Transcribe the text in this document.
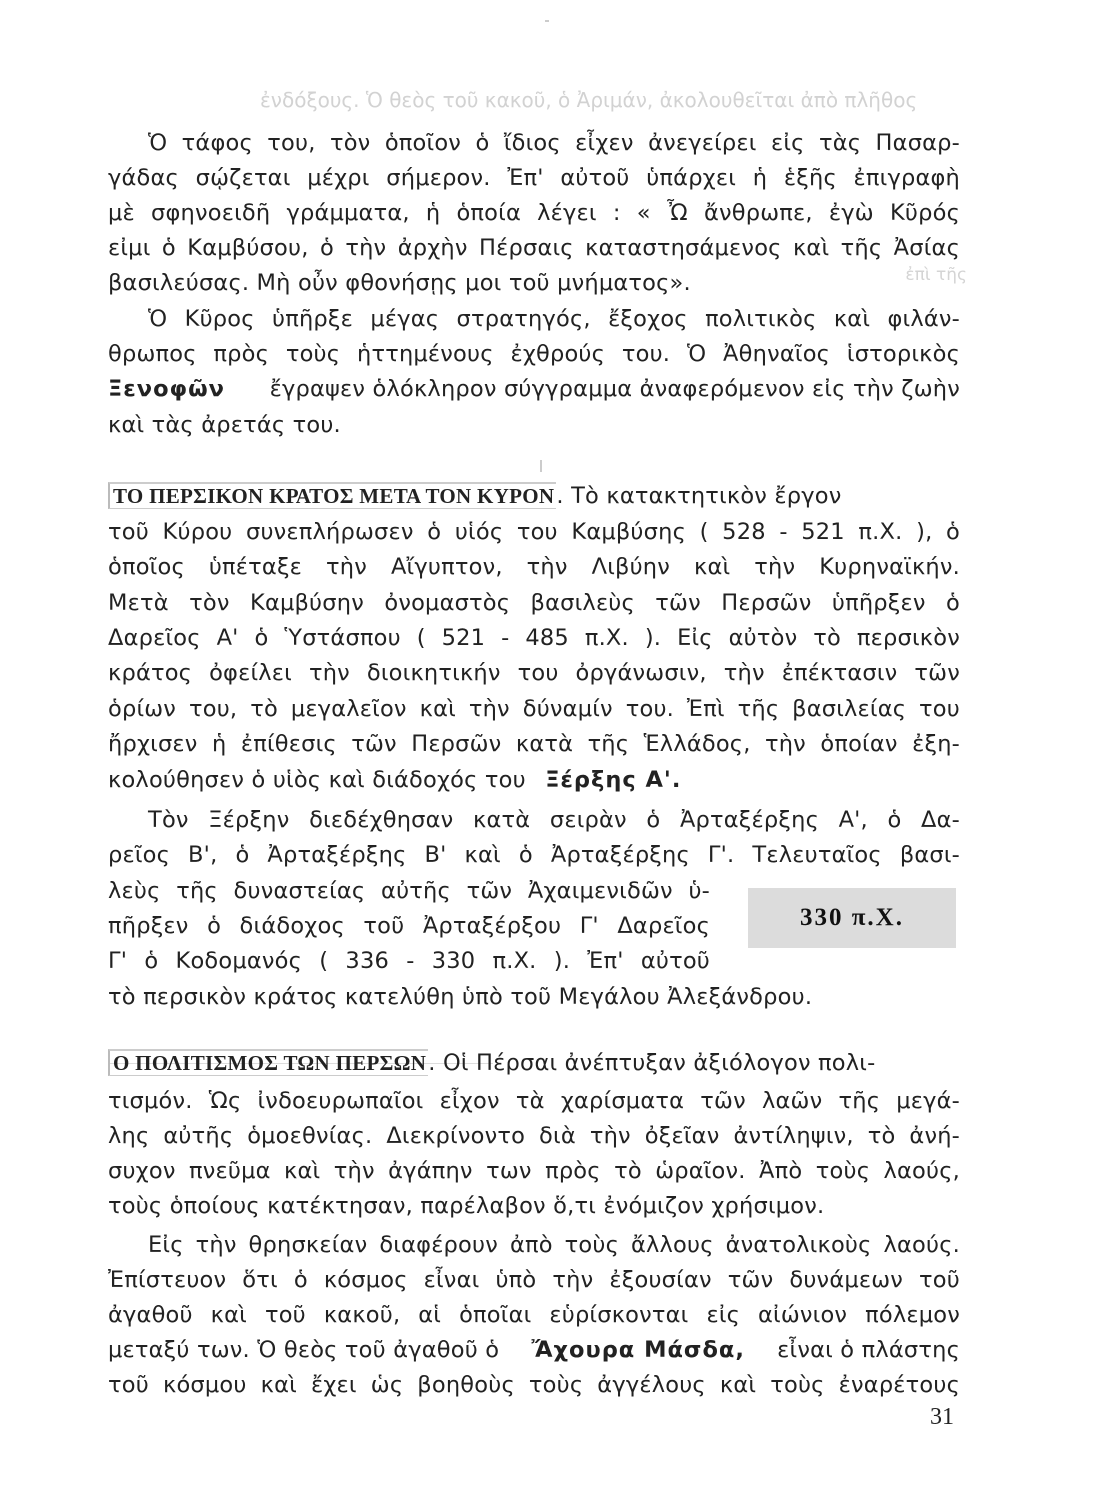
ἐνδόξους. Ὁ θεὸς τοῦ κακοῦ, ὁ Ἀριμάν, ἀκολουθεῖται ἀπὸ πλῆθος
ἐπὶ τῆς
Ὁ τάφος του, τὸν ὁποῖον ὁ ἴδιος εἶχεν ἀνεγείρει εἰς τὰς Πασαρ-
γάδας σῴζεται μέχρι σήμερον. Ἐπ' αὐτοῦ ὑπάρχει ἡ ἑξῆς ἐπιγραφὴ
μὲ σφηνοειδῆ γράμματα, ἡ ὁποία λέγει : « Ὦ ἄνθρωπε, ἐγὼ Κῦρός
εἰμι ὁ Καμβύσου, ὁ τὴν ἀρχὴν Πέρσαις καταστησάμενος καὶ τῆς Ἀσίας
βασιλεύσας. Μὴ οὖν φθονήσῃς μοι τοῦ μνήματος».
Ὁ Κῦρος ὑπῆρξε μέγας στρατηγός, ἔξοχος πολιτικὸς καὶ φιλάν-
θρωπος πρὸς τοὺς ἡττημένους ἐχθρούς του. Ὁ Ἀθηναῖος ἱστορικὸς
Ξενοφῶν	ἔγραψεν ὁλόκληρον σύγγραμμα ἀναφερόμενον εἰς τὴν ζωὴν
καὶ τὰς ἀρετάς του.
ΤΟ ΠΕΡΣΙΚΟΝ ΚΡΑΤΟΣ ΜΕΤΑ ΤΟΝ ΚΥΡΟΝ. Τὸ κατακτητικὸν ἔργον
τοῦ Κύρου συνεπλήρωσεν ὁ υἱός του Καμβύσης ( 528 - 521 π.Χ. ), ὁ
ὁποῖος ὑπέταξε τὴν Αἴγυπτον, τὴν Λιβύην καὶ τὴν Κυρηναϊκήν.
Μετὰ τὸν Καμβύσην ὀνομαστὸς βασιλεὺς τῶν Περσῶν ὑπῆρξεν ὁ
Δαρεῖος Α' ὁ Ὑστάσπου ( 521 - 485 π.Χ. ). Εἰς αὐτὸν τὸ περσικὸν
κράτος ὀφείλει τὴν διοικητικήν του ὀργάνωσιν, τὴν ἐπέκτασιν τῶν
ὁρίων του, τὸ μεγαλεῖον καὶ τὴν δύναμίν του. Ἐπὶ τῆς βασιλείας του
ἤρχισεν ἡ ἐπίθεσις τῶν Περσῶν κατὰ τῆς Ἑλλάδος, τὴν ὁποίαν ἐξη-
κολούθησεν ὁ υἱὸς καὶ διάδοχός του Ξέρξης Α'.
Τὸν Ξέρξην διεδέχθησαν κατὰ σειρὰν ὁ Ἀρταξέρξης Α', ὁ Δα-
ρεῖος Β', ὁ Ἀρταξέρξης Β' καὶ ὁ Ἀρταξέρξης Γ'. Τελευταῖος βασι-
λεὺς τῆς δυναστείας αὐτῆς τῶν Ἀχαιμενιδῶν ὑ-
πῆρξεν ὁ διάδοχος τοῦ Ἀρταξέρξου Γ' Δαρεῖος
Γ' ὁ Κοδομανός ( 336 - 330 π.Χ. ). Ἐπ' αὐτοῦ
τὸ περσικὸν κράτος κατελύθη ὑπὸ τοῦ Μεγάλου Ἀλεξάνδρου.
330 π.Χ.
Ο ΠΟΛΙΤΙΣΜΟΣ ΤΩΝ ΠΕΡΣΩΝ. Οἱ Πέρσαι ἀνέπτυξαν ἀξιόλογον πολι-
τισμόν. Ὡς ἰνδοευρωπαῖοι εἶχον τὰ χαρίσματα τῶν λαῶν τῆς μεγά-
λης αὐτῆς ὁμοεθνίας. Διεκρίνοντο διὰ τὴν ὀξεῖαν ἀντίληψιν, τὸ ἀνή-
συχον πνεῦμα καὶ τὴν ἀγάπην των πρὸς τὸ ὡραῖον. Ἀπὸ τοὺς λαούς,
τοὺς ὁποίους κατέκτησαν, παρέλαβον ὅ,τι ἐνόμιζον χρήσιμον.
Εἰς τὴν θρησκείαν διαφέρουν ἀπὸ τοὺς ἄλλους ἀνατολικοὺς λαούς.
Ἐπίστευον ὅτι ὁ κόσμος εἶναι ὑπὸ τὴν ἐξουσίαν τῶν δυνάμεων τοῦ
ἀγαθοῦ καὶ τοῦ κακοῦ, αἱ ὁποῖαι εὑρίσκονται εἰς αἰώνιον πόλεμον
μεταξύ των. Ὁ θεὸς τοῦ ἀγαθοῦ ὁ Ἄχουρα Μάσδα, εἶναι ὁ πλάστης
τοῦ κόσμου καὶ ἔχει ὡς βοηθοὺς τοὺς ἀγγέλους καὶ τοὺς ἐναρέτους
31
